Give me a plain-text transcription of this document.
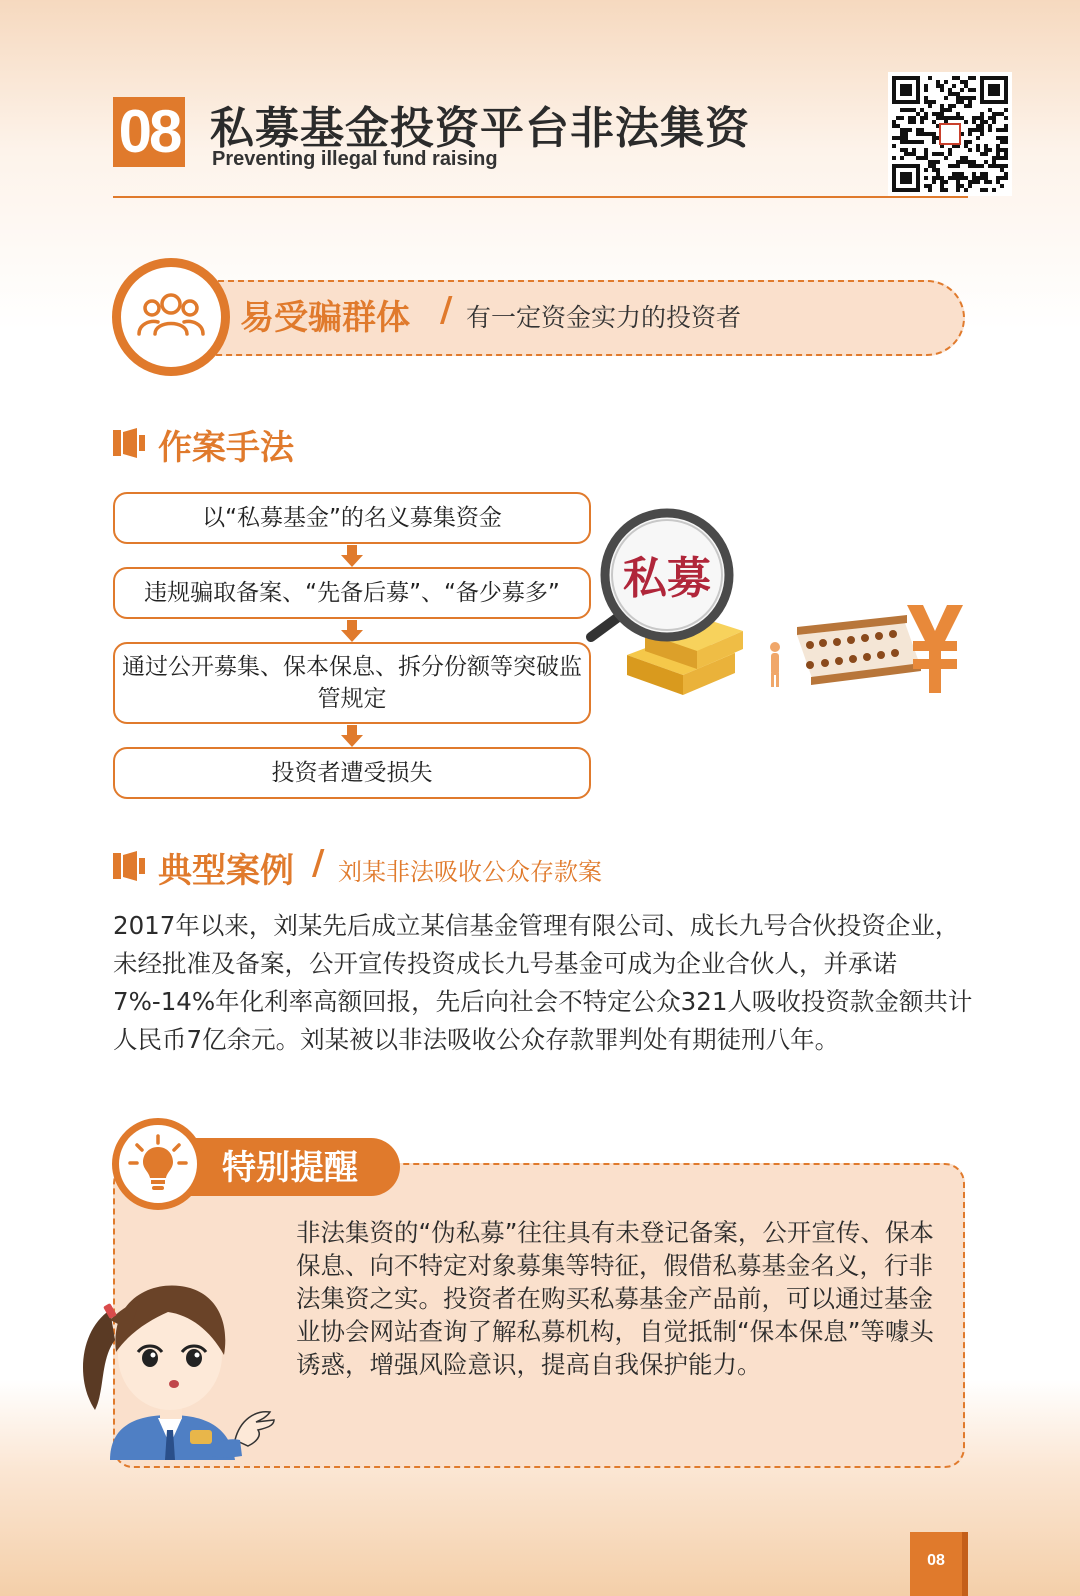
08 私募基金投资平台非法集资
Preventing illegal fund raising
易受骗群体 / 有一定资金实力的投资者
作案手法
以“私募基金”的名义募集资金
违规骗取备案、“先备后募”、“备少募多”
通过公开募集、保本保息、拆分份额等突破监管规定
投资者遭受损失
私募
典型案例 / 刘某非法吸收公众存款案
2017年以来，刘某先后成立某信基金管理有限公司、成长九号合伙投资企业，未经批准及备案，公开宣传投资成长九号基金可成为企业合伙人，并承诺7%-14%年化利率高额回报，先后向社会不特定公众321人吸收投资款金额共计人民币7亿余元。刘某被以非法吸收公众存款罪判处有期徒刑八年。
特别提醒
非法集资的“伪私募”往往具有未登记备案，公开宣传、保本保息、向不特定对象募集等特征，假借私募基金名义，行非法集资之实。投资者在购买私募基金产品前，可以通过基金业协会网站查询了解私募机构，自觉抵制“保本保息”等噱头诱惑，增强风险意识，提高自我保护能力。
08
